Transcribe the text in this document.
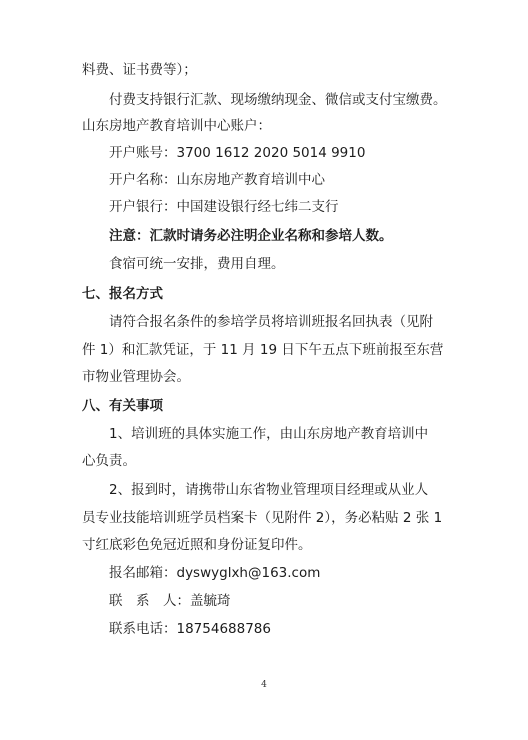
料费、证书费等）；
付费支持银行汇款、现场缴纳现金、微信或支付宝缴费。
山东房地产教育培训中心账户：
开户账号：3700 1612 2020 5014 9910
开户名称：山东房地产教育培训中心
开户银行：中国建设银行经七纬二支行
注意：汇款时请务必注明企业名称和参培人数。
食宿可统一安排，费用自理。
七、报名方式
请符合报名条件的参培学员将培训班报名回执表（见附
件 1）和汇款凭证，于 11 月 19 日下午五点下班前报至东营
市物业管理协会。
八、有关事项
1、培训班的具体实施工作，由山东房地产教育培训中
心负责。
2、报到时，请携带山东省物业管理项目经理或从业人
员专业技能培训班学员档案卡（见附件 2），务必粘贴 2 张 1
寸红底彩色免冠近照和身份证复印件。
报名邮箱：dyswyglxh@163.com
联　系　人：盖毓琦
联系电话：18754688786
4
